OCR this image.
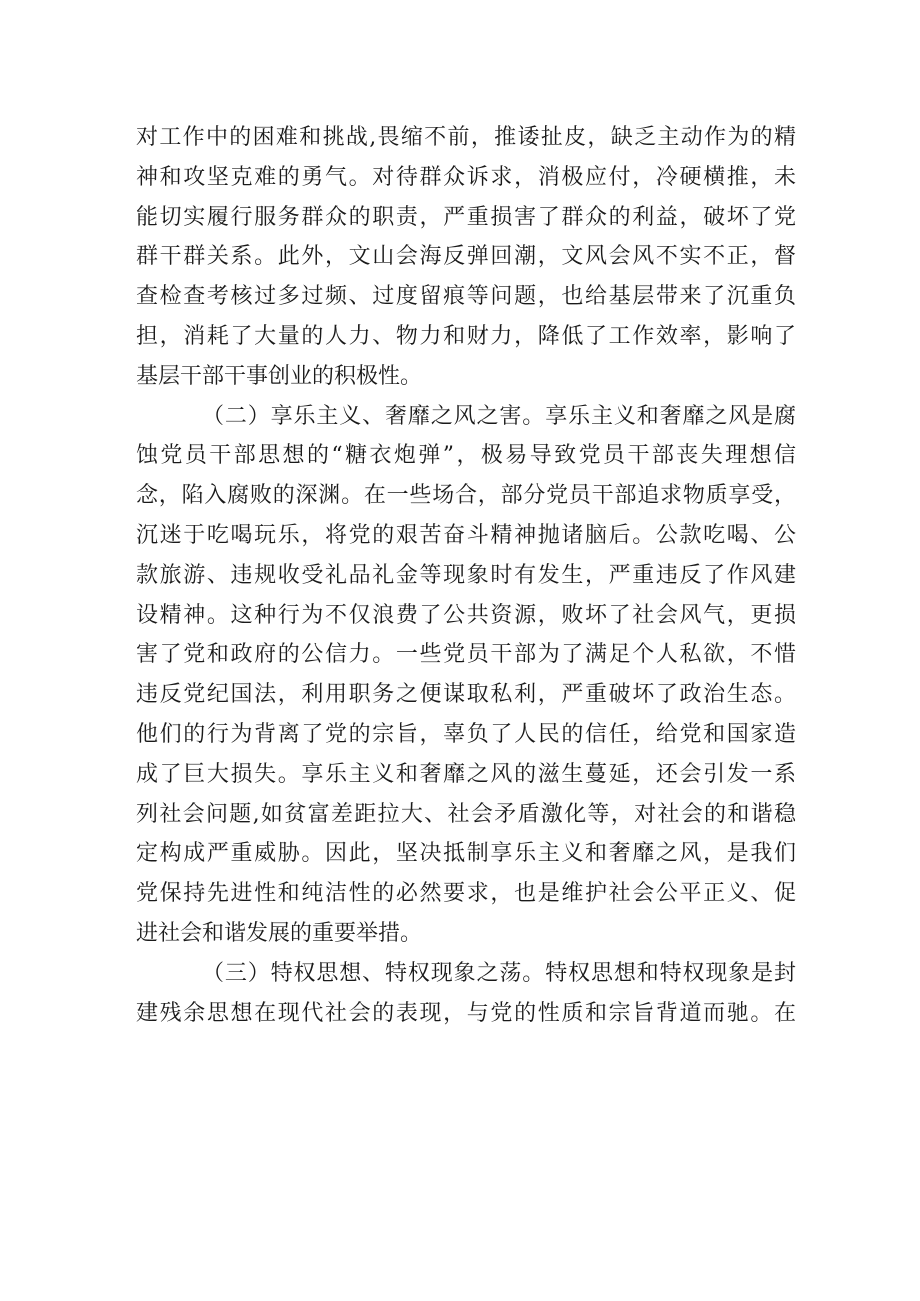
对工作中的困难和挑战,畏缩不前，推诿扯皮，缺乏主动作为的精
神和攻坚克难的勇气。对待群众诉求，消极应付，冷硬横推，未
能切实履行服务群众的职责，严重损害了群众的利益，破坏了党
群干群关系。此外，文山会海反弹回潮，文风会风不实不正，督
查检查考核过多过频、过度留痕等问题，也给基层带来了沉重负
担，消耗了大量的人力、物力和财力，降低了工作效率，影响了
基层干部干事创业的积极性。
（二）享乐主义、奢靡之风之害。享乐主义和奢靡之风是腐
蚀党员干部思想的“糖衣炮弹”，极易导致党员干部丧失理想信
念，陷入腐败的深渊。在一些场合，部分党员干部追求物质享受，
沉迷于吃喝玩乐，将党的艰苦奋斗精神抛诸脑后。公款吃喝、公
款旅游、违规收受礼品礼金等现象时有发生，严重违反了作风建
设精神。这种行为不仅浪费了公共资源，败坏了社会风气，更损
害了党和政府的公信力。一些党员干部为了满足个人私欲，不惜
违反党纪国法，利用职务之便谋取私利，严重破坏了政治生态。
他们的行为背离了党的宗旨，辜负了人民的信任，给党和国家造
成了巨大损失。享乐主义和奢靡之风的滋生蔓延，还会引发一系
列社会问题,如贫富差距拉大、社会矛盾激化等，对社会的和谐稳
定构成严重威胁。因此，坚决抵制享乐主义和奢靡之风，是我们
党保持先进性和纯洁性的必然要求，也是维护社会公平正义、促
进社会和谐发展的重要举措。
（三）特权思想、特权现象之荡。特权思想和特权现象是封
建残余思想在现代社会的表现，与党的性质和宗旨背道而驰。在
